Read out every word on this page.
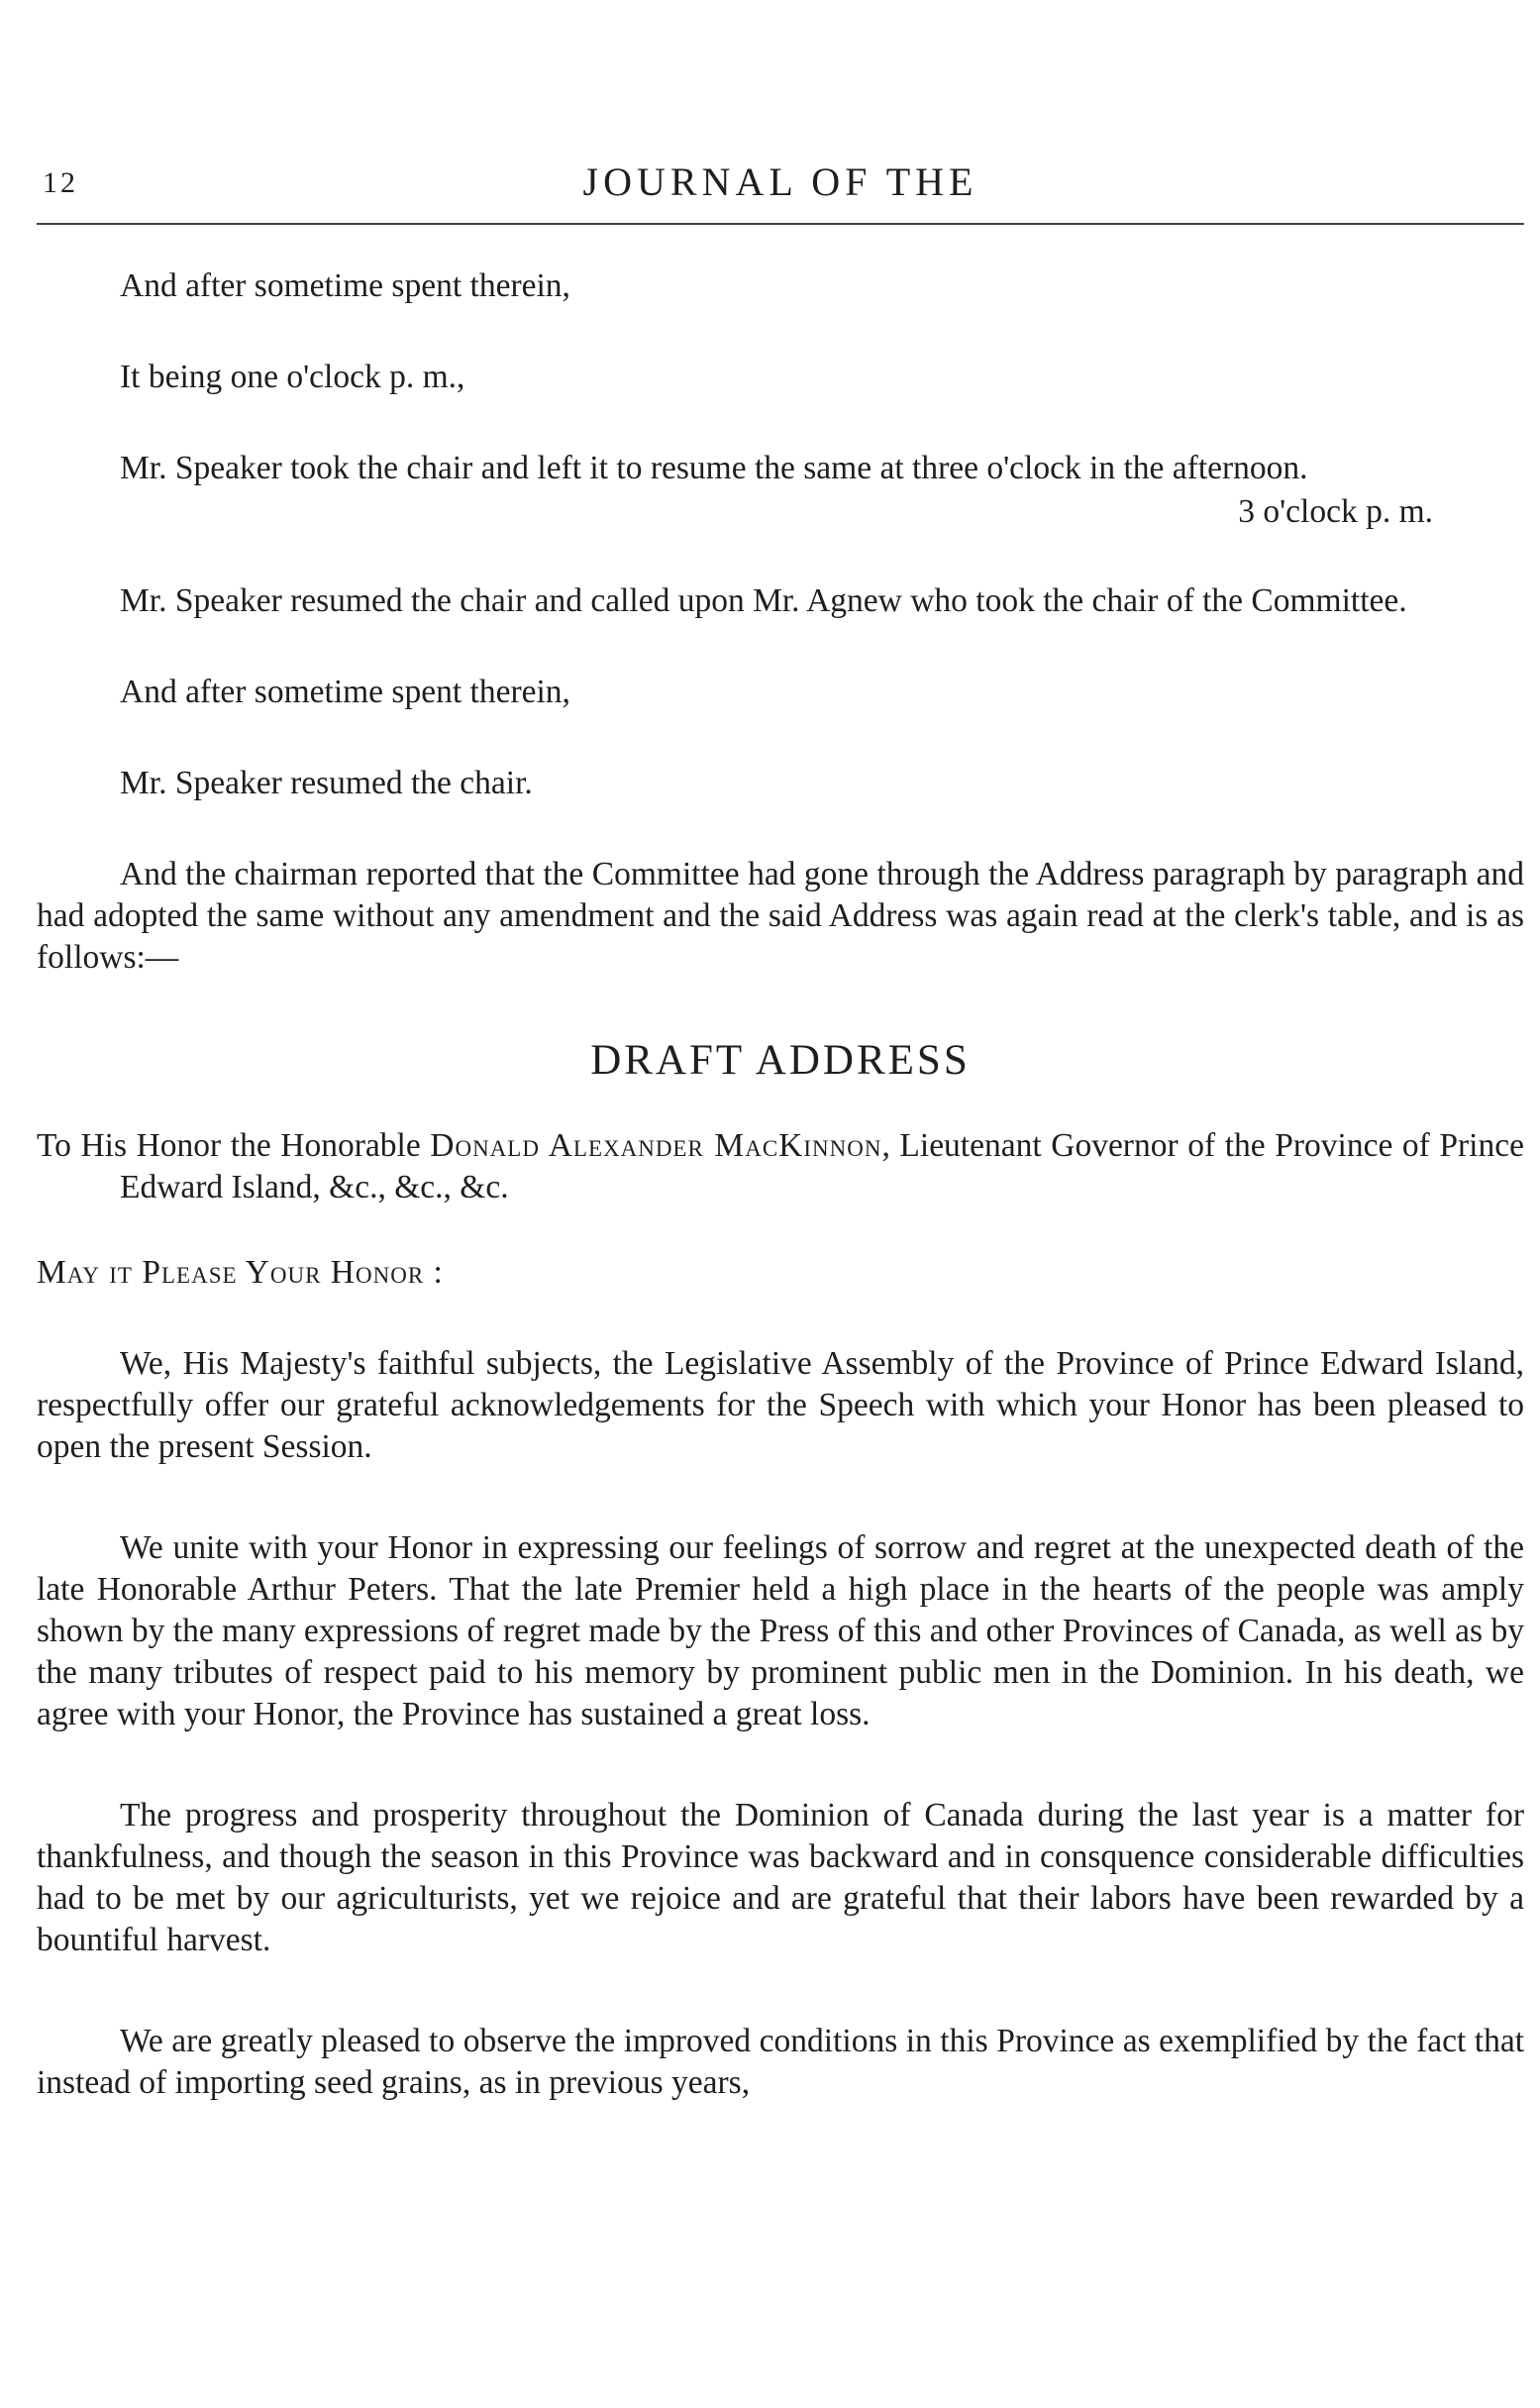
12	JOURNAL OF THE

And after sometime spent therein,

It being one o'clock p. m.,

Mr. Speaker took the chair and left it to resume the same at three o'clock in the afternoon.

3 o'clock p. m.

Mr. Speaker resumed the chair and called upon Mr. Agnew who took the chair of the Committee.

And after sometime spent therein,

Mr. Speaker resumed the chair.

And the chairman reported that the Committee had gone through the Address paragraph by paragraph and had adopted the same without any amendment and the said Address was again read at the clerk's table, and is as follows:—

DRAFT ADDRESS

To His Honor the Honorable Donald Alexander MacKinnon, Lieutenant Governor of the Province of Prince Edward Island, &c., &c., &c.

May it Please Your Honor :

We, His Majesty's faithful subjects, the Legislative Assembly of the Province of Prince Edward Island, respectfully offer our grateful acknowledgements for the Speech with which your Honor has been pleased to open the present Session.

We unite with your Honor in expressing our feelings of sorrow and regret at the unexpected death of the late Honorable Arthur Peters. That the late Premier held a high place in the hearts of the people was amply shown by the many expressions of regret made by the Press of this and other Provinces of Canada, as well as by the many tributes of respect paid to his memory by prominent public men in the Dominion. In his death, we agree with your Honor, the Province has sustained a great loss.

The progress and prosperity throughout the Dominion of Canada during the last year is a matter for thankfulness, and though the season in this Province was backward and in consquence considerable difficulties had to be met by our agriculturists, yet we rejoice and are grateful that their labors have been rewarded by a bountiful harvest.

We are greatly pleased to observe the improved conditions in this Province as exemplified by the fact that instead of importing seed grains, as in previous years,
